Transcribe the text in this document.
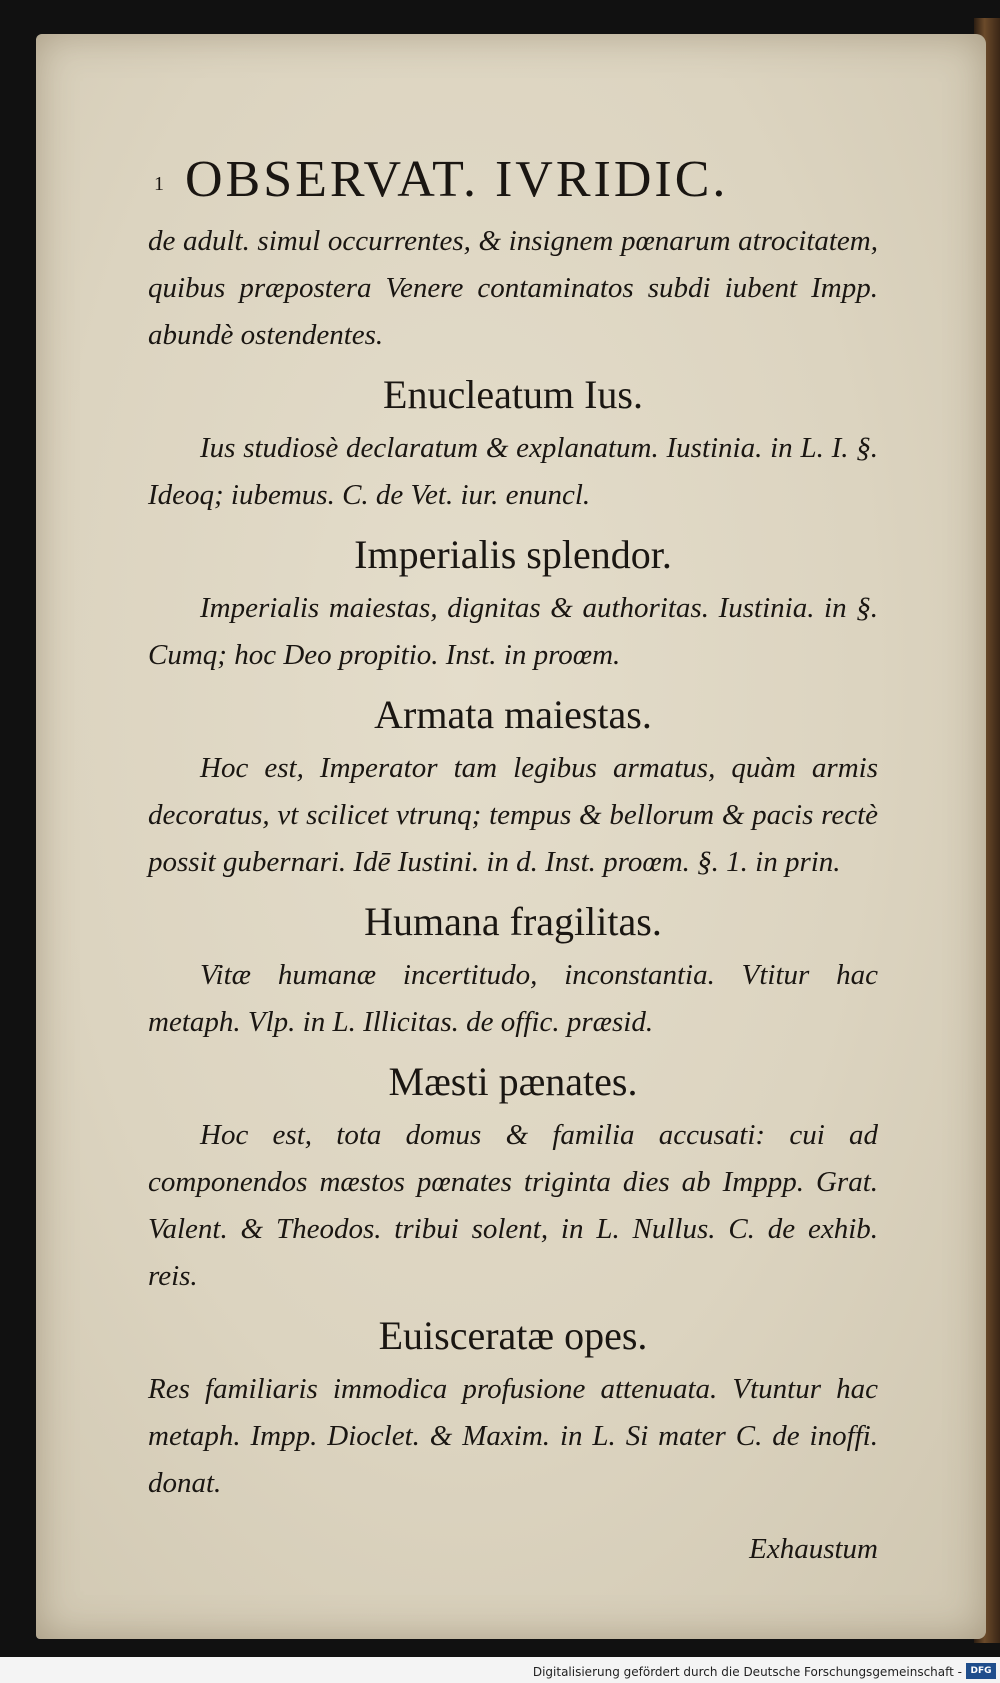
1 OBSERVAT. IVRIDIC.

de adult. simul occurrentes, & insignem pœnarum atrocitatem, quibus præpostera Venere contaminatos subdi iubent Impp. abundè ostendentes.

Enucleatum Ius.

Ius studiosè declaratum & explanatum. Iustinia. in L. I. §. Ideoq; iubemus. C. de Vet. iur. enuncl.

Imperialis splendor.

Imperialis maiestas, dignitas & authoritas. Iustinia. in §. Cumq; hoc Deo propitio. Inst. in proœm.

Armata maiestas.

Hoc est, Imperator tam legibus armatus, quàm armis decoratus, vt scilicet vtrunq; tempus & bellorum & pacis rectè possit gubernari. Idē Iustini. in d. Inst. proœm. §. 1. in prin.

Humana fragilitas.

Vitæ humanæ incertitudo, inconstantia. Vtitur hac metaph. Vlp. in L. Illicitas. de offic. præsid.

Mæsti pænates.

Hoc est, tota domus & familia accusati: cui ad componendos mæstos pœnates triginta dies ab Imppp. Grat. Valent. & Theodos. tribui solent, in L. Nullus. C. de exhib. reis.

Euisceratæ opes.

Res familiaris immodica profusione attenuata. Vtuntur hac metaph. Impp. Dioclet. & Maxim. in L. Si mater C. de inoffi. donat.

Exhaustum
Digitalisierung gefördert durch die Deutsche Forschungsgemeinschaft - DFG
